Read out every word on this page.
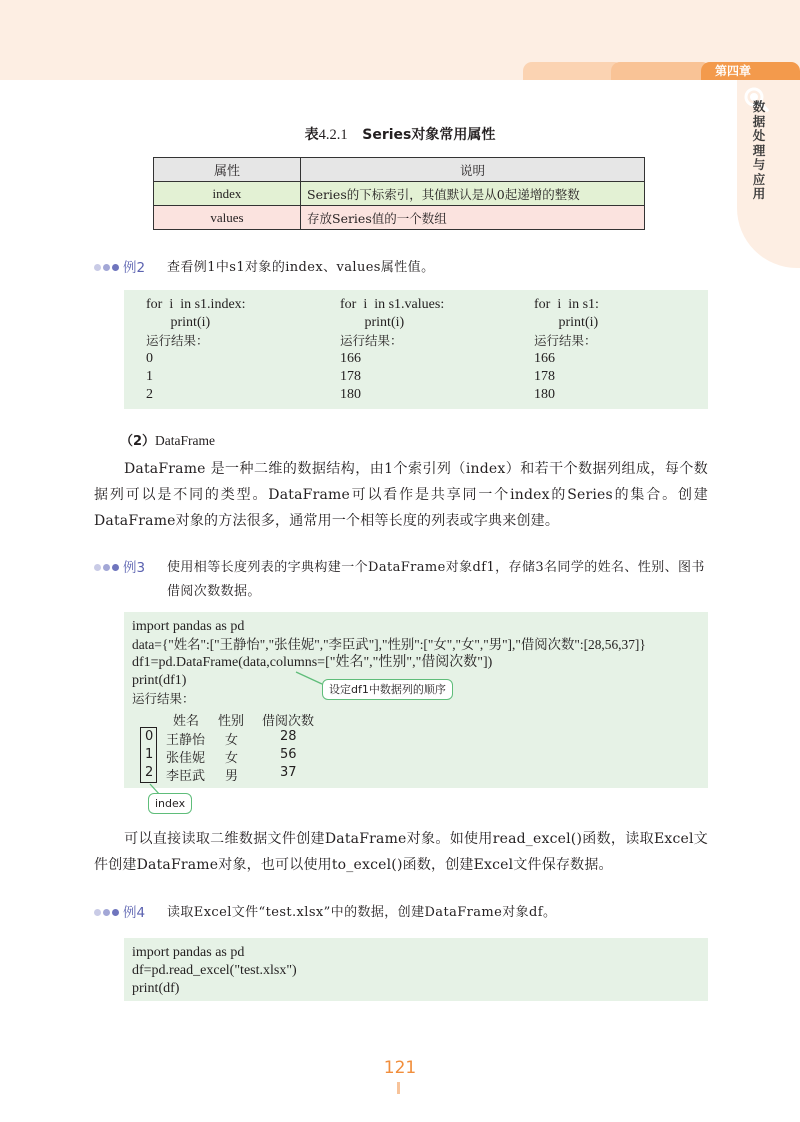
第四章
数据处理与应用
表4.2.1 Series对象常用属性
属性	说明
index	Series的下标索引，其值默认是从0起递增的整数
values	存放Series值的一个数组
例2 查看例1中s1对象的index、values属性值。
for  i  in s1.index:
print(i)
运行结果：
0
1
2
for  i  in s1.values:
print(i)
运行结果：
166
178
180
for  i  in s1:
print(i)
运行结果：
166
178
180
（2）DataFrame
DataFrame 是一种二维的数据结构，由1个索引列（index）和若干个数据列组成，每个数据列可以是不同的类型。DataFrame可以看作是共享同一个index的Series的集合。创建DataFrame对象的方法很多，通常用一个相等长度的列表或字典来创建。
例3 使用相等长度列表的字典构建一个DataFrame对象df1，存储3名同学的姓名、性别、图书借阅次数数据。
import pandas as pd
data={"姓名":["王静怡","张佳妮","李臣武"],"性别":["女","女","男"],"借阅次数":[28,56,37]}
df1=pd.DataFrame(data,columns=["姓名","性别","借阅次数"])
print(df1)
运行结果：
姓名 性别 借阅次数
0 王静怡 女	28
1 张佳妮 女	56
2 李臣武 男	37
设定df1中数据列的顺序
index
可以直接读取二维数据文件创建DataFrame对象。如使用read_excel()函数，读取Excel文件创建DataFrame对象，也可以使用to_excel()函数，创建Excel文件保存数据。
例4 读取Excel文件“test.xlsx”中的数据，创建DataFrame对象df。
import pandas as pd
df=pd.read_excel("test.xlsx")
print(df)
121
